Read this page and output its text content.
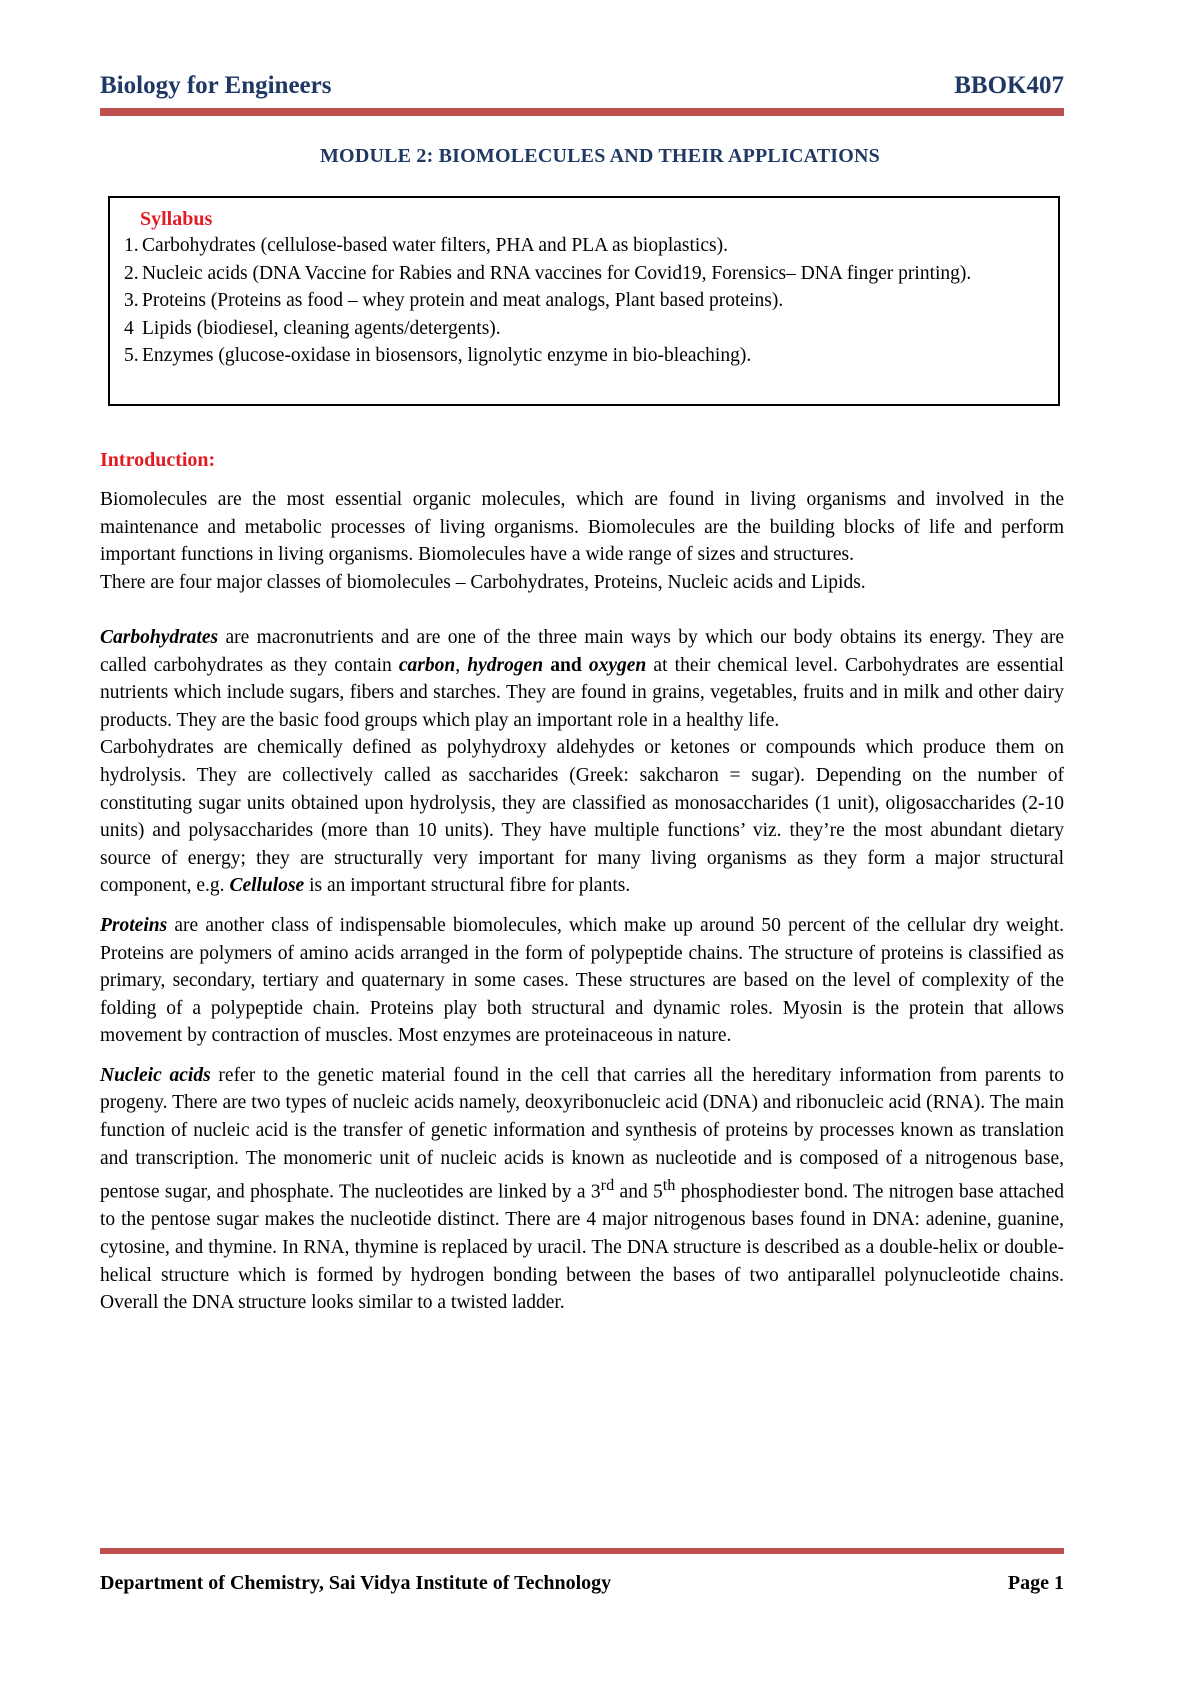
Biology for Engineers	BBOK407
MODULE 2: BIOMOLECULES AND THEIR APPLICATIONS
Syllabus
1. Carbohydrates (cellulose-based water filters, PHA and PLA as bioplastics).
2. Nucleic acids (DNA Vaccine for Rabies and RNA vaccines for Covid19, Forensics– DNA finger printing).
3. Proteins (Proteins as food – whey protein and meat analogs, Plant based proteins).
4 Lipids (biodiesel, cleaning agents/detergents).
5. Enzymes (glucose-oxidase in biosensors, lignolytic enzyme in bio-bleaching).
Introduction:

Biomolecules are the most essential organic molecules, which are found in living organisms and involved in the maintenance and metabolic processes of living organisms. Biomolecules are the building blocks of life and perform important functions in living organisms. Biomolecules have a wide range of sizes and structures.

There are four major classes of biomolecules – Carbohydrates, Proteins, Nucleic acids and Lipids.

Carbohydrates are macronutrients and are one of the three main ways by which our body obtains its energy. They are called carbohydrates as they contain carbon, hydrogen and oxygen at their chemical level. Carbohydrates are essential nutrients which include sugars, fibers and starches. They are found in grains, vegetables, fruits and in milk and other dairy products. They are the basic food groups which play an important role in a healthy life.

Carbohydrates are chemically defined as polyhydroxy aldehydes or ketones or compounds which produce them on hydrolysis. They are collectively called as saccharides (Greek: sakcharon = sugar). Depending on the number of constituting sugar units obtained upon hydrolysis, they are classified as monosaccharides (1 unit), oligosaccharides (2-10 units) and polysaccharides (more than 10 units). They have multiple functions’ viz. they’re the most abundant dietary source of energy; they are structurally very important for many living organisms as they form a major structural component, e.g. Cellulose is an important structural fibre for plants.

Proteins are another class of indispensable biomolecules, which make up around 50 percent of the cellular dry weight. Proteins are polymers of amino acids arranged in the form of polypeptide chains. The structure of proteins is classified as primary, secondary, tertiary and quaternary in some cases. These structures are based on the level of complexity of the folding of a polypeptide chain. Proteins play both structural and dynamic roles. Myosin is the protein that allows movement by contraction of muscles. Most enzymes are proteinaceous in nature.

Nucleic acids refer to the genetic material found in the cell that carries all the hereditary information from parents to progeny. There are two types of nucleic acids namely, deoxyribonucleic acid (DNA) and ribonucleic acid (RNA). The main function of nucleic acid is the transfer of genetic information and synthesis of proteins by processes known as translation and transcription. The monomeric unit of nucleic acids is known as nucleotide and is composed of a nitrogenous base, pentose sugar, and phosphate. The nucleotides are linked by a 3rd and 5th phosphodiester bond. The nitrogen base attached to the pentose sugar makes the nucleotide distinct. There are 4 major nitrogenous bases found in DNA: adenine, guanine, cytosine, and thymine. In RNA, thymine is replaced by uracil. The DNA structure is described as a double-helix or double-helical structure which is formed by hydrogen bonding between the bases of two antiparallel polynucleotide chains. Overall the DNA structure looks similar to a twisted ladder.

Department of Chemistry, Sai Vidya Institute of Technology	Page 1
